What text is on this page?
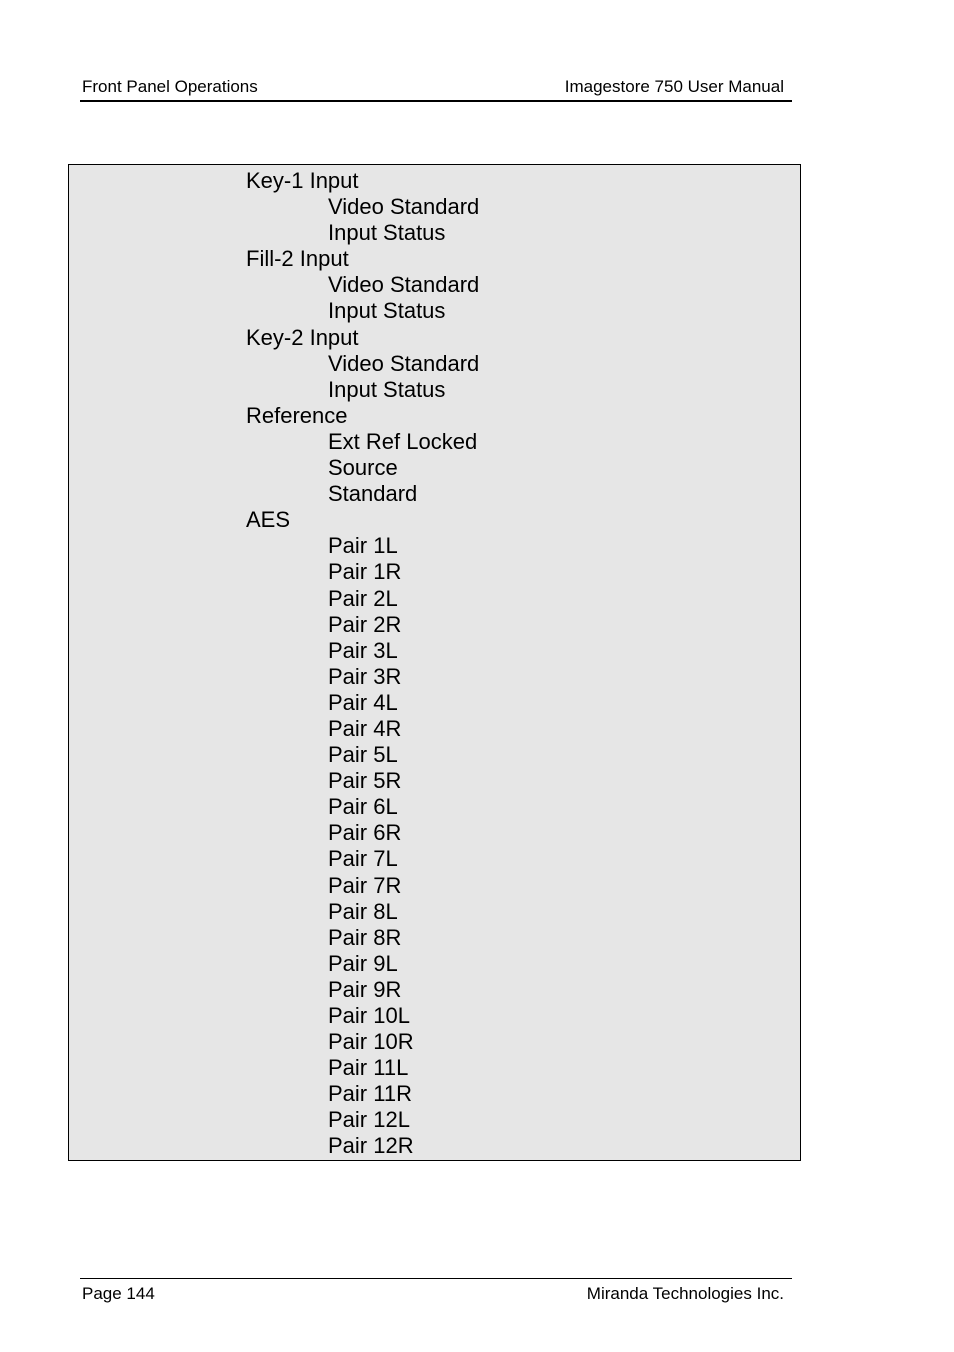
Front Panel Operations	Imagestore 750 User Manual
Key-1 Input
Video Standard
Input Status
Fill-2 Input
Video Standard
Input Status
Key-2 Input
Video Standard
Input Status
Reference
Ext Ref Locked
Source
Standard
AES
Pair 1L
Pair 1R
Pair 2L
Pair 2R
Pair 3L
Pair 3R
Pair 4L
Pair 4R
Pair 5L
Pair 5R
Pair 6L
Pair 6R
Pair 7L
Pair 7R
Pair 8L
Pair 8R
Pair 9L
Pair 9R
Pair 10L
Pair 10R
Pair 11L
Pair 11R
Pair 12L
Pair 12R
Page 144	Miranda Technologies Inc.
